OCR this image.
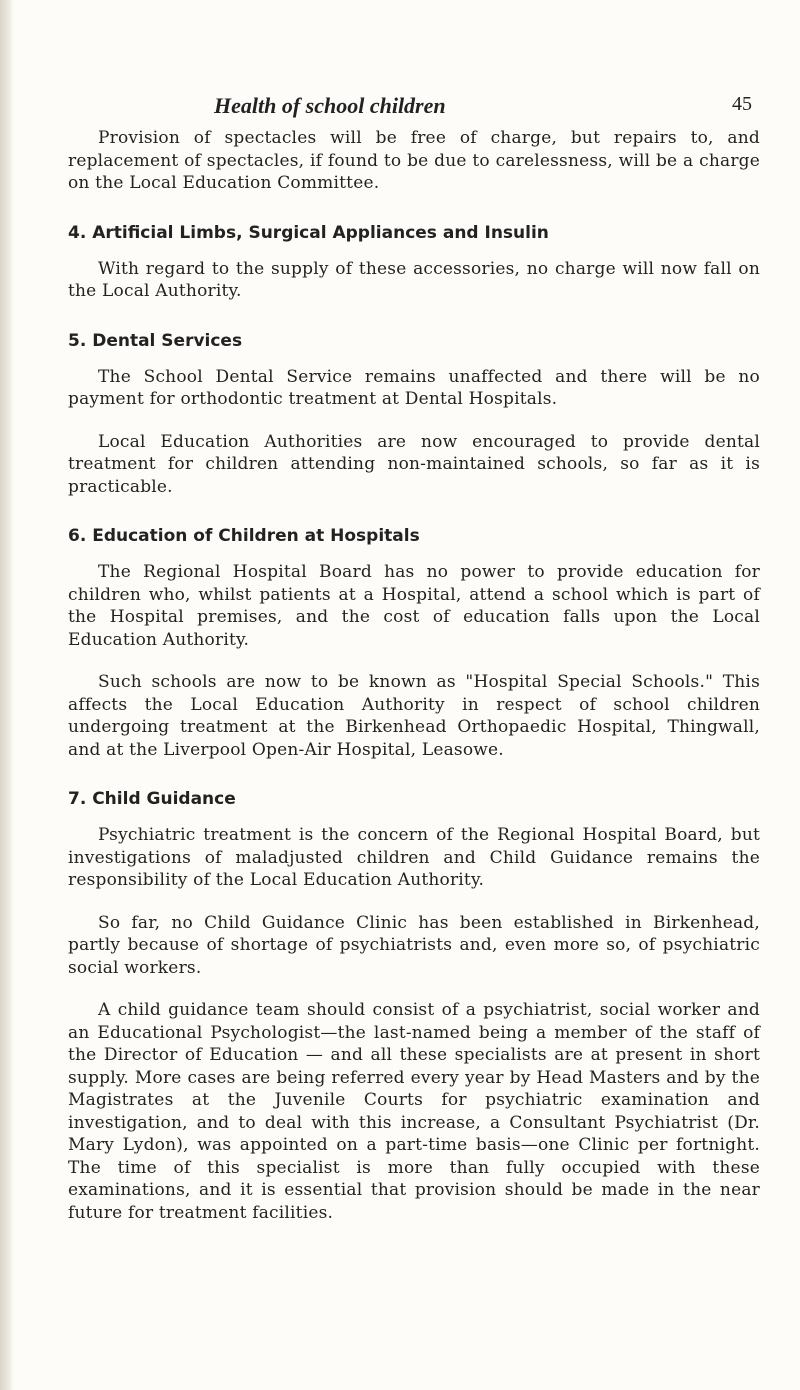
Health of school children	45

Provision of spectacles will be free of charge, but repairs to, and replacement of spectacles, if found to be due to carelessness, will be a charge on the Local Education Committee.

4. Artificial Limbs, Surgical Appliances and Insulin

With regard to the supply of these accessories, no charge will now fall on the Local Authority.

5. Dental Services

The School Dental Service remains unaffected and there will be no payment for orthodontic treatment at Dental Hospitals.

Local Education Authorities are now encouraged to provide dental treatment for children attending non-maintained schools, so far as it is practicable.

6. Education of Children at Hospitals

The Regional Hospital Board has no power to provide education for children who, whilst patients at a Hospital, attend a school which is part of the Hospital premises, and the cost of education falls upon the Local Education Authority.

Such schools are now to be known as "Hospital Special Schools." This affects the Local Education Authority in respect of school children undergoing treatment at the Birkenhead Orthopaedic Hospital, Thingwall, and at the Liverpool Open-Air Hospital, Leasowe.

7. Child Guidance

Psychiatric treatment is the concern of the Regional Hospital Board, but investigations of maladjusted children and Child Guidance remains the responsibility of the Local Education Authority.

So far, no Child Guidance Clinic has been established in Birkenhead, partly because of shortage of psychiatrists and, even more so, of psychiatric social workers.

A child guidance team should consist of a psychiatrist, social worker and an Educational Psychologist—the last-named being a member of the staff of the Director of Education — and all these specialists are at present in short supply. More cases are being referred every year by Head Masters and by the Magistrates at the Juvenile Courts for psychiatric examination and investigation, and to deal with this increase, a Consultant Psychiatrist (Dr. Mary Lydon), was appointed on a part-time basis—one Clinic per fortnight. The time of this specialist is more than fully occupied with these examinations, and it is essential that provision should be made in the near future for treatment facilities.
